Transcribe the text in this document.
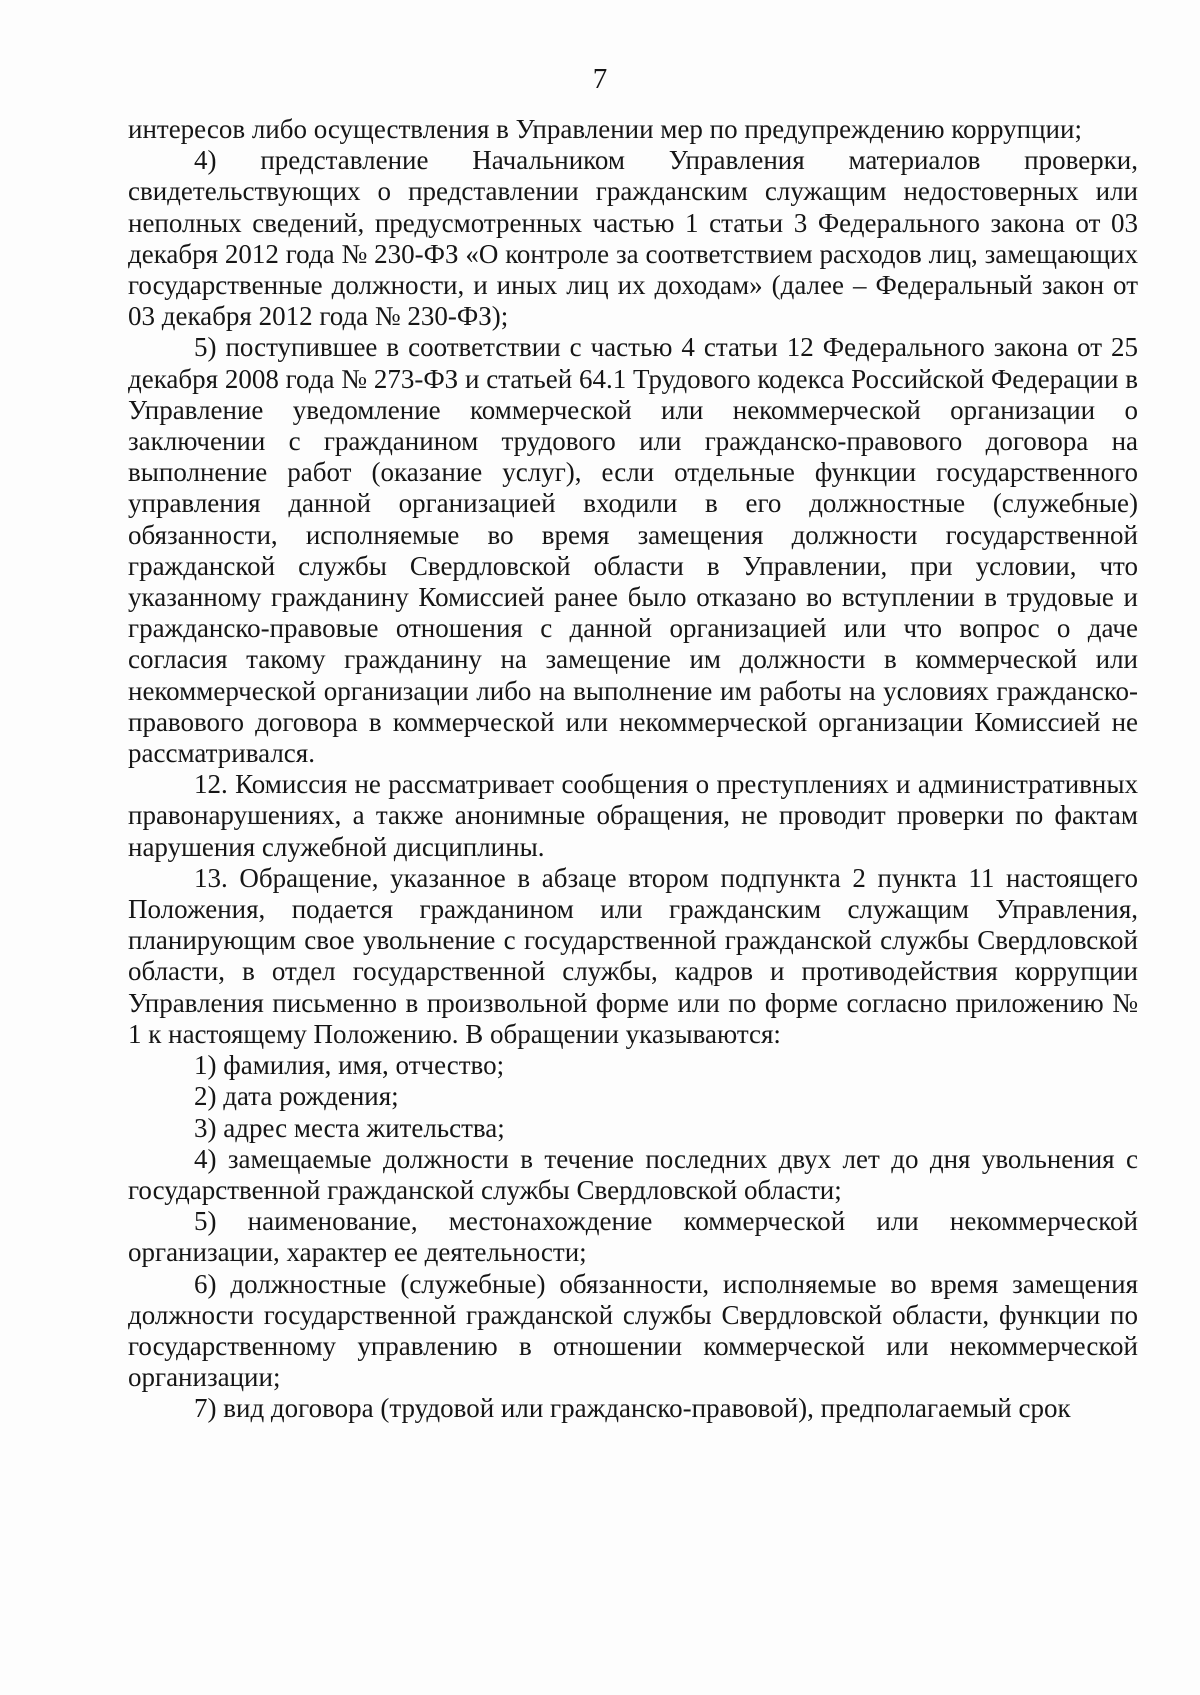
7

интересов либо осуществления в Управлении мер по предупреждению коррупции;

4) представление Начальником Управления материалов проверки, свидетельствующих о представлении гражданским служащим недостоверных или неполных сведений, предусмотренных частью 1 статьи 3 Федерального закона от 03 декабря 2012 года № 230-ФЗ «О контроле за соответствием расходов лиц, замещающих государственные должности, и иных лиц их доходам» (далее – Федеральный закон от 03 декабря 2012 года № 230-ФЗ);

5) поступившее в соответствии с частью 4 статьи 12 Федерального закона от 25 декабря 2008 года № 273-ФЗ и статьей 64.1 Трудового кодекса Российской Федерации в Управление уведомление коммерческой или некоммерческой организации о заключении с гражданином трудового или гражданско-правового договора на выполнение работ (оказание услуг), если отдельные функции государственного управления данной организацией входили в его должностные (служебные) обязанности, исполняемые во время замещения должности государственной гражданской службы Свердловской области в Управлении, при условии, что указанному гражданину Комиссией ранее было отказано во вступлении в трудовые и гражданско-правовые отношения с данной организацией или что вопрос о даче согласия такому гражданину на замещение им должности в коммерческой или некоммерческой организации либо на выполнение им работы на условиях гражданско-правового договора в коммерческой или некоммерческой организации Комиссией не рассматривался.

12. Комиссия не рассматривает сообщения о преступлениях и административных правонарушениях, а также анонимные обращения, не проводит проверки по фактам нарушения служебной дисциплины.

13. Обращение, указанное в абзаце втором подпункта 2 пункта 11 настоящего Положения, подается гражданином или гражданским служащим Управления, планирующим свое увольнение с государственной гражданской службы Свердловской области, в отдел государственной службы, кадров и противодействия коррупции Управления письменно в произвольной форме или по форме согласно приложению № 1 к настоящему Положению. В обращении указываются:

1) фамилия, имя, отчество;

2) дата рождения;

3) адрес места жительства;

4) замещаемые должности в течение последних двух лет до дня увольнения с государственной гражданской службы Свердловской области;

5) наименование, местонахождение коммерческой или некоммерческой организации, характер ее деятельности;

6) должностные (служебные) обязанности, исполняемые во время замещения должности государственной гражданской службы Свердловской области, функции по государственному управлению в отношении коммерческой или некоммерческой организации;

7) вид договора (трудовой или гражданско-правовой), предполагаемый срок
